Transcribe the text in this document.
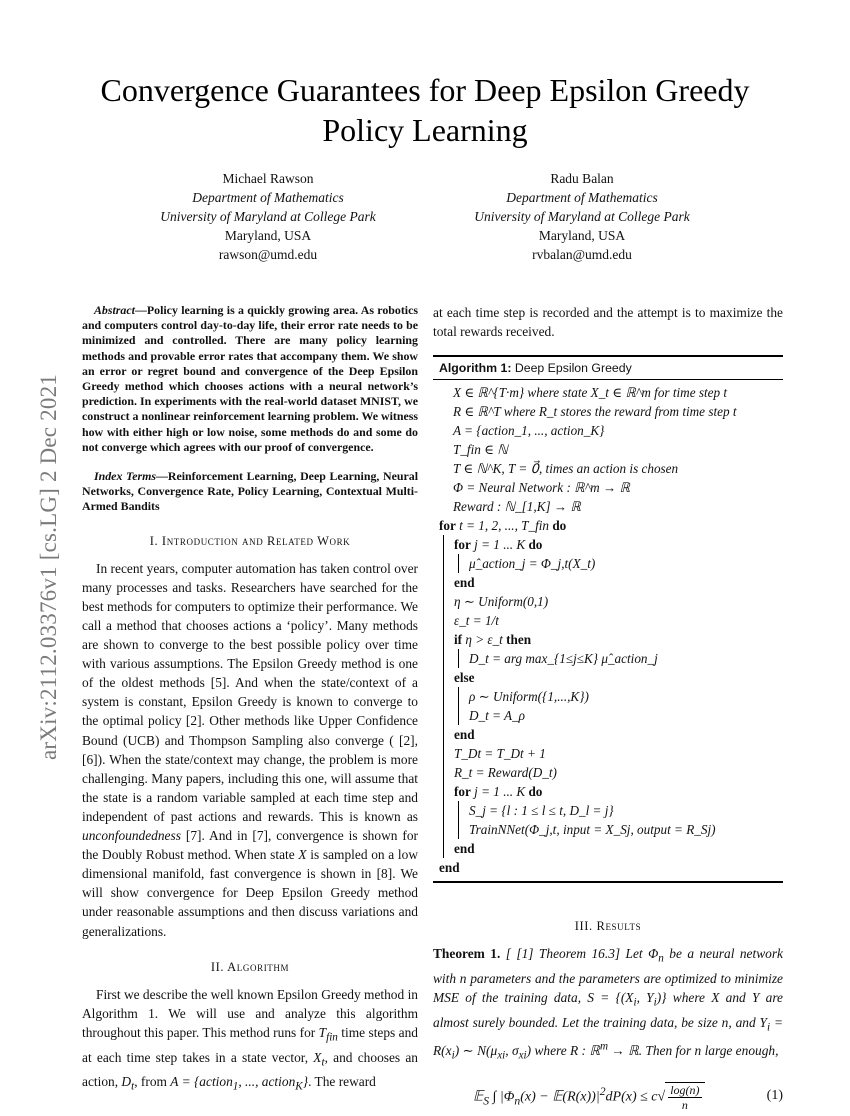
arXiv:2112.03376v1 [cs.LG] 2 Dec 2021
Convergence Guarantees for Deep Epsilon Greedy
Policy Learning
Michael Rawson
Department of Mathematics
University of Maryland at College Park
Maryland, USA
rawson@umd.edu
Radu Balan
Department of Mathematics
University of Maryland at College Park
Maryland, USA
rvbalan@umd.edu

Abstract—Policy learning is a quickly growing area. As robotics and computers control day-to-day life, their error rate needs to be minimized and controlled. There are many policy learning methods and provable error rates that accompany them. We show an error or regret bound and convergence of the Deep Epsilon Greedy method which chooses actions with a neural network’s prediction. In experiments with the real-world dataset MNIST, we construct a nonlinear reinforcement learning problem. We witness how with either high or low noise, some methods do and some do not converge which agrees with our proof of convergence.

Index Terms—Reinforcement Learning, Deep Learning, Neural Networks, Convergence Rate, Policy Learning, Contextual Multi-Armed Bandits

I. Introduction and Related Work

In recent years, computer automation has taken control over many processes and tasks. Researchers have searched for the best methods for computers to optimize their performance. We call a method that chooses actions a ‘policy’. Many methods are shown to converge to the best possible policy over time with various assumptions. The Epsilon Greedy method is one of the oldest methods [5]. And when the state/context of a system is constant, Epsilon Greedy is known to converge to the optimal policy [2]. Other methods like Upper Confidence Bound (UCB) and Thompson Sampling also converge ( [2], [6]). When the state/context may change, the problem is more challenging. Many papers, including this one, will assume that the state is a random variable sampled at each time step and independent of past actions and rewards. This is known as unconfoundedness [7]. And in [7], convergence is shown for the Doubly Robust method. When state X is sampled on a low dimensional manifold, fast convergence is shown in [8]. We will show convergence for Deep Epsilon Greedy method under reasonable assumptions and then discuss variations and generalizations.

II. Algorithm

First we describe the well known Epsilon Greedy method in Algorithm 1. We will use and analyze this algorithm throughout this paper. This method runs for $T_{fin}$ time steps and at each time step takes in a state vector, $X_t$, and chooses an action, $D_t$, from A = {action$_1$, ..., action$_K$}. The reward

at each time step is recorded and the attempt is to maximize the total rewards received.

Algorithm 1: Deep Epsilon Greedy
X ∈ ℝ^{T·m} where state X_t ∈ ℝ^m for time step t
R ∈ ℝ^T where R_t stores the reward from time step t
A = {action_1, ..., action_K}
T_fin ∈ ℕ
T ∈ ℕ^K, T = 0⃗, times an action is chosen
Φ = Neural Network : ℝ^m → ℝ
Reward : ℕ_[1,K] → ℝ
for t = 1, 2, ..., T_fin do
for j = 1 ... K do
μ̂_action_j = Φ_j,t(X_t)
end
η ∼ Uniform(0,1)
ε_t = 1/t
if η > ε_t then
D_t = arg max_{1≤j≤K} μ̂_action_j
else
ρ ∼ Uniform({1,...,K})
D_t = A_ρ
end
T_Dt = T_Dt + 1
R_t = Reward(D_t)
for j = 1 ... K do
S_j = {l : 1 ≤ l ≤ t, D_l = j}
TrainNNet(Φ_j,t, input = X_Sj, output = R_Sj)
end
end
III. Results

Theorem 1. [ [1] Theorem 16.3] Let $\Phi_n$ be a neural network with n parameters and the parameters are optimized to minimize MSE of the training data, $S = \{(X_i$, $Y_i$)} where X and Y are almost surely bounded. Let the training data, be size n, and $Y_i = R(x_i)$ ∼ $N(\mu_{xi}$, $\sigma_{xi}$) where R : ℝ$^m$ → ℝ. Then for n large enough,

𝔼$_S$ ∫ $|\Phi_n(x)$ − $𝔼(R(x))|^2dP(x) \le c√ \frac{\log(n)}{n}$	(1)
